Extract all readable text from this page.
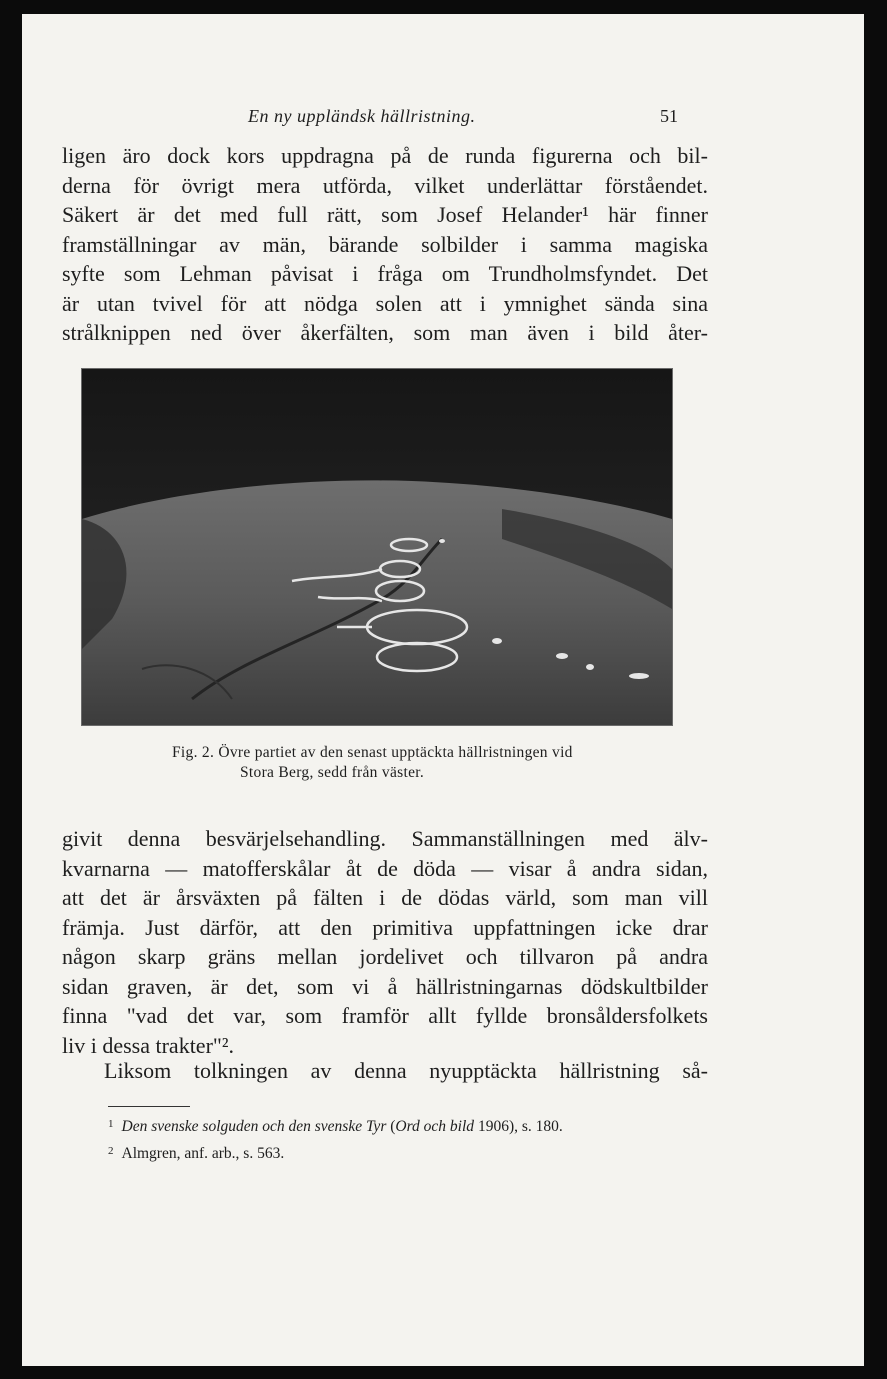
En ny uppländsk hällristning.	51
ligen äro dock kors uppdragna på de runda figurerna och bil-
derna för övrigt mera utförda, vilket underlättar förståendet.
Säkert är det med full rätt, som Josef Helander¹ här finner
framställningar av män, bärande solbilder i samma magiska
syfte som Lehman påvisat i fråga om Trundholmsfyndet. Det
är utan tvivel för att nödga solen att i ymnighet sända sina
strålknippen ned över åkerfälten, som man även i bild åter-
Fig. 2. Övre partiet av den senast upptäckta hällristningen vid
Stora Berg, sedd från väster.
givit denna besvärjelsehandling. Sammanställningen med älv-
kvarnarna — matofferskålar åt de döda — visar å andra sidan,
att det är årsväxten på fälten i de dödas värld, som man vill
främja. Just därför, att den primitiva uppfattningen icke drar
någon skarp gräns mellan jordelivet och tillvaron på andra
sidan graven, är det, som vi å hällristningarnas dödskultbilder
finna "vad det var, som framför allt fyllde bronsåldersfolkets
liv i dessa trakter"².
Liksom tolkningen av denna nyupptäckta hällristning så-
$^1$ Den svenske solguden och den svenske Tyr (Ord och bild 1906), s. 180.
$^2$ Almgren, anf. arb., s. 563.
